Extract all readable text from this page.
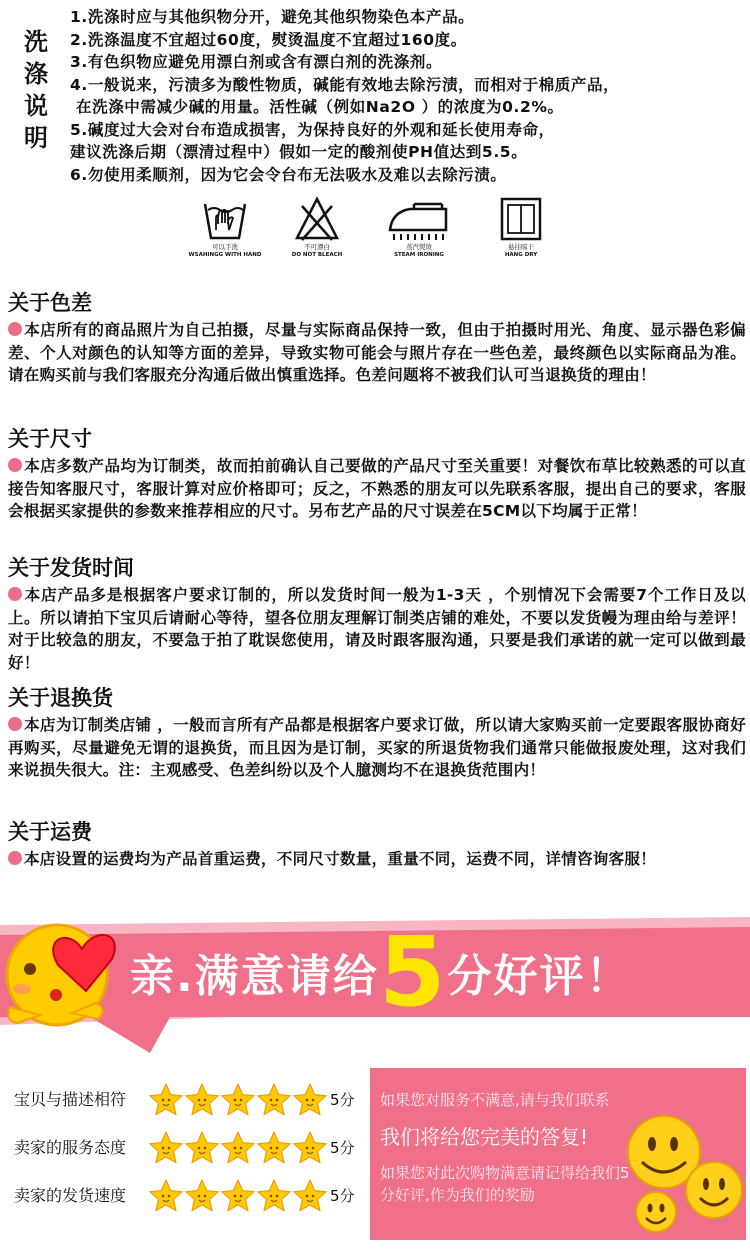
洗
涤
说
明
1.洗涤时应与其他织物分开，避免其他织物染色本产品。
2.洗涤温度不宜超过60度，熨烫温度不宜超过160度。
3.有色织物应避免用漂白剂或含有漂白剂的洗涤剂。
4.一般说来，污渍多为酸性物质，碱能有效地去除污渍，而相对于棉质产品，
在洗涤中需减少碱的用量。活性碱（例如Na2O ）的浓度为0.2%。
5.碱度过大会对台布造成损害，为保持良好的外观和延长使用寿命，
建议洗涤后期（漂清过程中）假如一定的酸剂使PH值达到5.5。
6.勿使用柔顺剂，因为它会令台布无法吸水及难以去除污渍。
可以手洗
WSAHINGG WITH HAND
不可漂白
DO NOT BLEACH
蒸汽熨烫
STEAM IRONING
悬挂晾干
HANG DRY
关于色差

本店所有的商品照片为自己拍摄，尽量与实际商品保持一致，但由于拍摄时用光、角度、显示器色彩偏差、个人对颜色的认知等方面的差异，导致实物可能会与照片存在一些色差，最终颜色以实际商品为准。请在购买前与我们客服充分沟通后做出慎重选择。色差问题将不被我们认可当退换货的理由！

关于尺寸

本店多数产品均为订制类，故而拍前确认自己要做的产品尺寸至关重要！对餐饮布草比较熟悉的可以直接告知客服尺寸，客服计算对应价格即可；反之，不熟悉的朋友可以先联系客服，提出自己的要求，客服会根据买家提供的参数来推荐相应的尺寸。另布艺产品的尺寸误差在5CM以下均属于正常！

关于发货时间

本店产品多是根据客户要求订制的，所以发货时间一般为1-3天 ，个别情况下会需要7个工作日及以上。所以请拍下宝贝后请耐心等待，望各位朋友理解订制类店铺的难处，不要以发货幔为理由给与差评！对于比较急的朋友，不要急于拍了耽误您使用，请及时跟客服沟通，只要是我们承诺的就一定可以做到最好！

关于退换货

本店为订制类店铺 ，一般而言所有产品都是根据客户要求订做，所以请大家购买前一定要跟客服协商好再购买，尽量避免无谓的退换货，而且因为是订制，买家的所退货物我们通常只能做报废处理，这对我们来说损失很大。注：主观感受、色差纠纷以及个人臆测均不在退换货范围内！

关于运费

本店设置的运费均为产品首重运费，不同尺寸数量，重量不同，运费不同，详情咨询客服！

亲.满意请给5分好评！
宝贝与描述相符	5分
卖家的服务态度	5分
卖家的发货速度	5分
如果您对服务不满意,请与我们联系
我们将给您完美的答复!
如果您对此次购物满意请记得给我们5分好评,作为我们的奖励
